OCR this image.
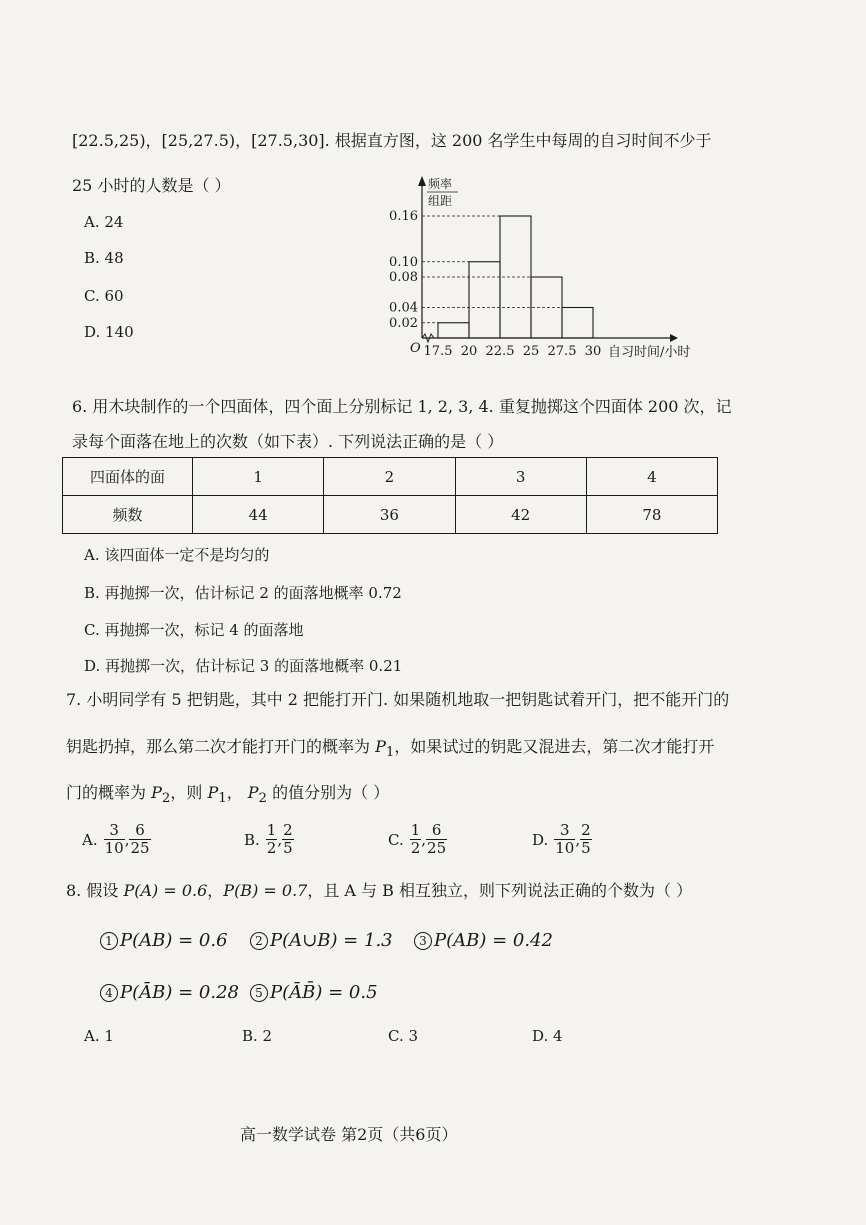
[22.5,25)，[25,27.5)，[27.5,30]. 根据直方图，这 200 名学生中每周的自习时间不少于
25 小时的人数是（ ）
A. 24
B. 48
C. 60
D. 140
0.16
0.10
0.08
0.04
0.02
17.5 20 22.5 25 27.5 30
O
频率
组距
自习时间/小时
6. 用木块制作的一个四面体，四个面上分别标记 1, 2, 3, 4. 重复抛掷这个四面体 200 次，记
录每个面落在地上的次数（如下表）. 下列说法正确的是（ ）
四面体的面	1	2	3	4
频数	44	36	42	78
A. 该四面体一定不是均匀的
B. 再抛掷一次，估计标记 2 的面落地概率 0.72
C. 再抛掷一次，标记 4 的面落地
D. 再抛掷一次，估计标记 3 的面落地概率 0.21
7. 小明同学有 5 把钥匙，其中 2 把能打开门. 如果随机地取一把钥匙试着开门，把不能开门的
钥匙扔掉，那么第二次才能打开门的概率为 $P_1$，如果试过的钥匙又混进去，第二次才能打开
门的概率为 $P_2$，则 $P_1$， $P_2$ 的值分别为（ ）
A. $\frac{3}{10}$ , $\frac{6}{25}$	B. $\frac{1}{2}$ , $\frac{2}{5}$	C. $\frac{1}{2}$ , $\frac{6}{25}$	D. $\frac{3}{10}$ , $\frac{2}{5}$
8. 假设 P(A) = 0.6，P(B) = 0.7，且 A 与 B 相互独立，则下列说法正确的个数为（ ）
1 P(AB) = 0.6	2 P(A∪B) = 1.3	3 P(AB) = 0.42
4 P(ĀB) = 0.28	5 P(ĀB̄) = 0.5
A. 1	B. 2	C. 3	D. 4
高一数学试卷 第2页（共6页）
